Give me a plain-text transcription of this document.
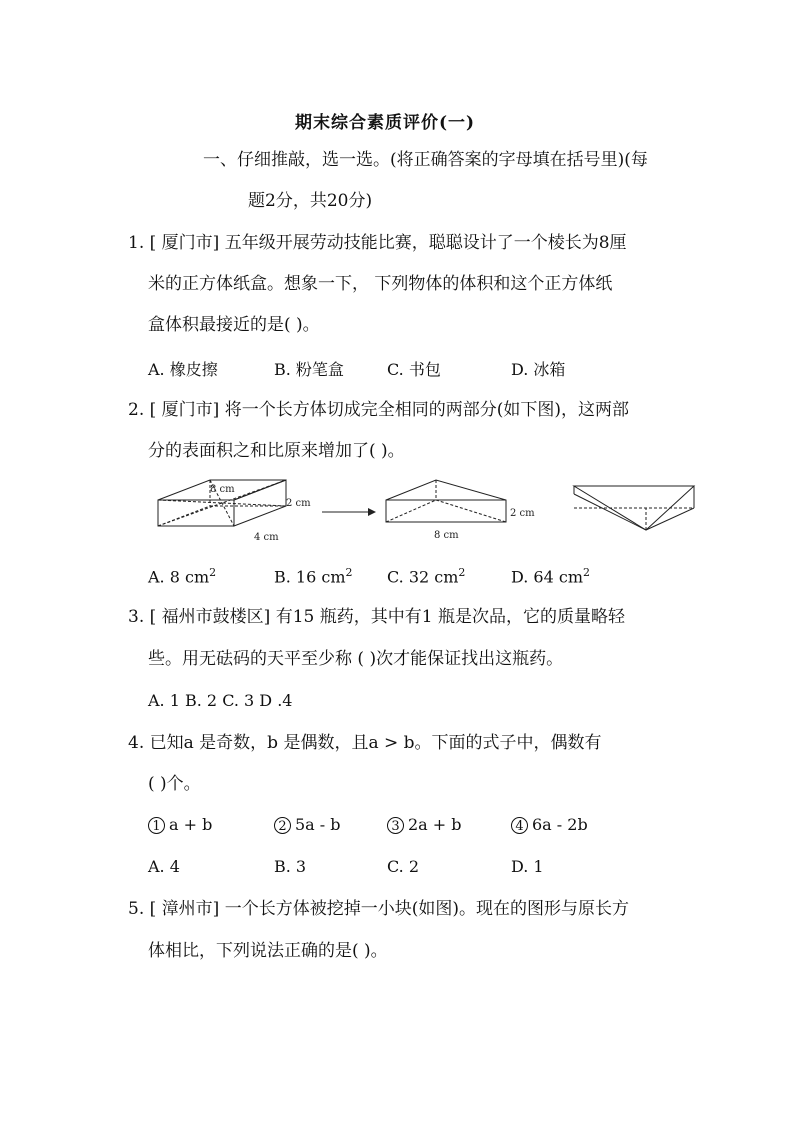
期末综合素质评价(一)
一、仔细推敲，选一选。(将正确答案的字母填在括号里)(每
题2分，共20分)
1. [ 厦门市] 五年级开展劳动技能比赛，聪聪设计了一个棱长为8厘
米的正方体纸盒。想象一下， 下列物体的体积和这个正方体纸
盒体积最接近的是( )。
A. 橡皮擦	B. 粉笔盒	C. 书包	D. 冰箱
2. [ 厦门市] 将一个长方体切成完全相同的两部分(如下图)，这两部
分的表面积之和比原来增加了( )。
8 cm
2 cm
4 cm	8 cm
2 cm
A. 8 $cm^2$	B. 16 $cm^2$ C. 32 $cm^2$	D. 64 $cm^2$
3. [ 福州市鼓楼区] 有15 瓶药，其中有1 瓶是次品，它的质量略轻
些。用无砝码的天平至少称 ( )次才能保证找出这瓶药。
A. 1 B. 2 C. 3 D .4
4. 已知a 是奇数，b 是偶数，且a > b。下面的式子中，偶数有
( )个。
1 a + b	2 5a - b	3 2a + b	4 6a - 2b
A. 4	B. 3	C. 2	D. 1
5. [ 漳州市] 一个长方体被挖掉一小块(如图)。现在的图形与原长方
体相比，下列说法正确的是( )。
